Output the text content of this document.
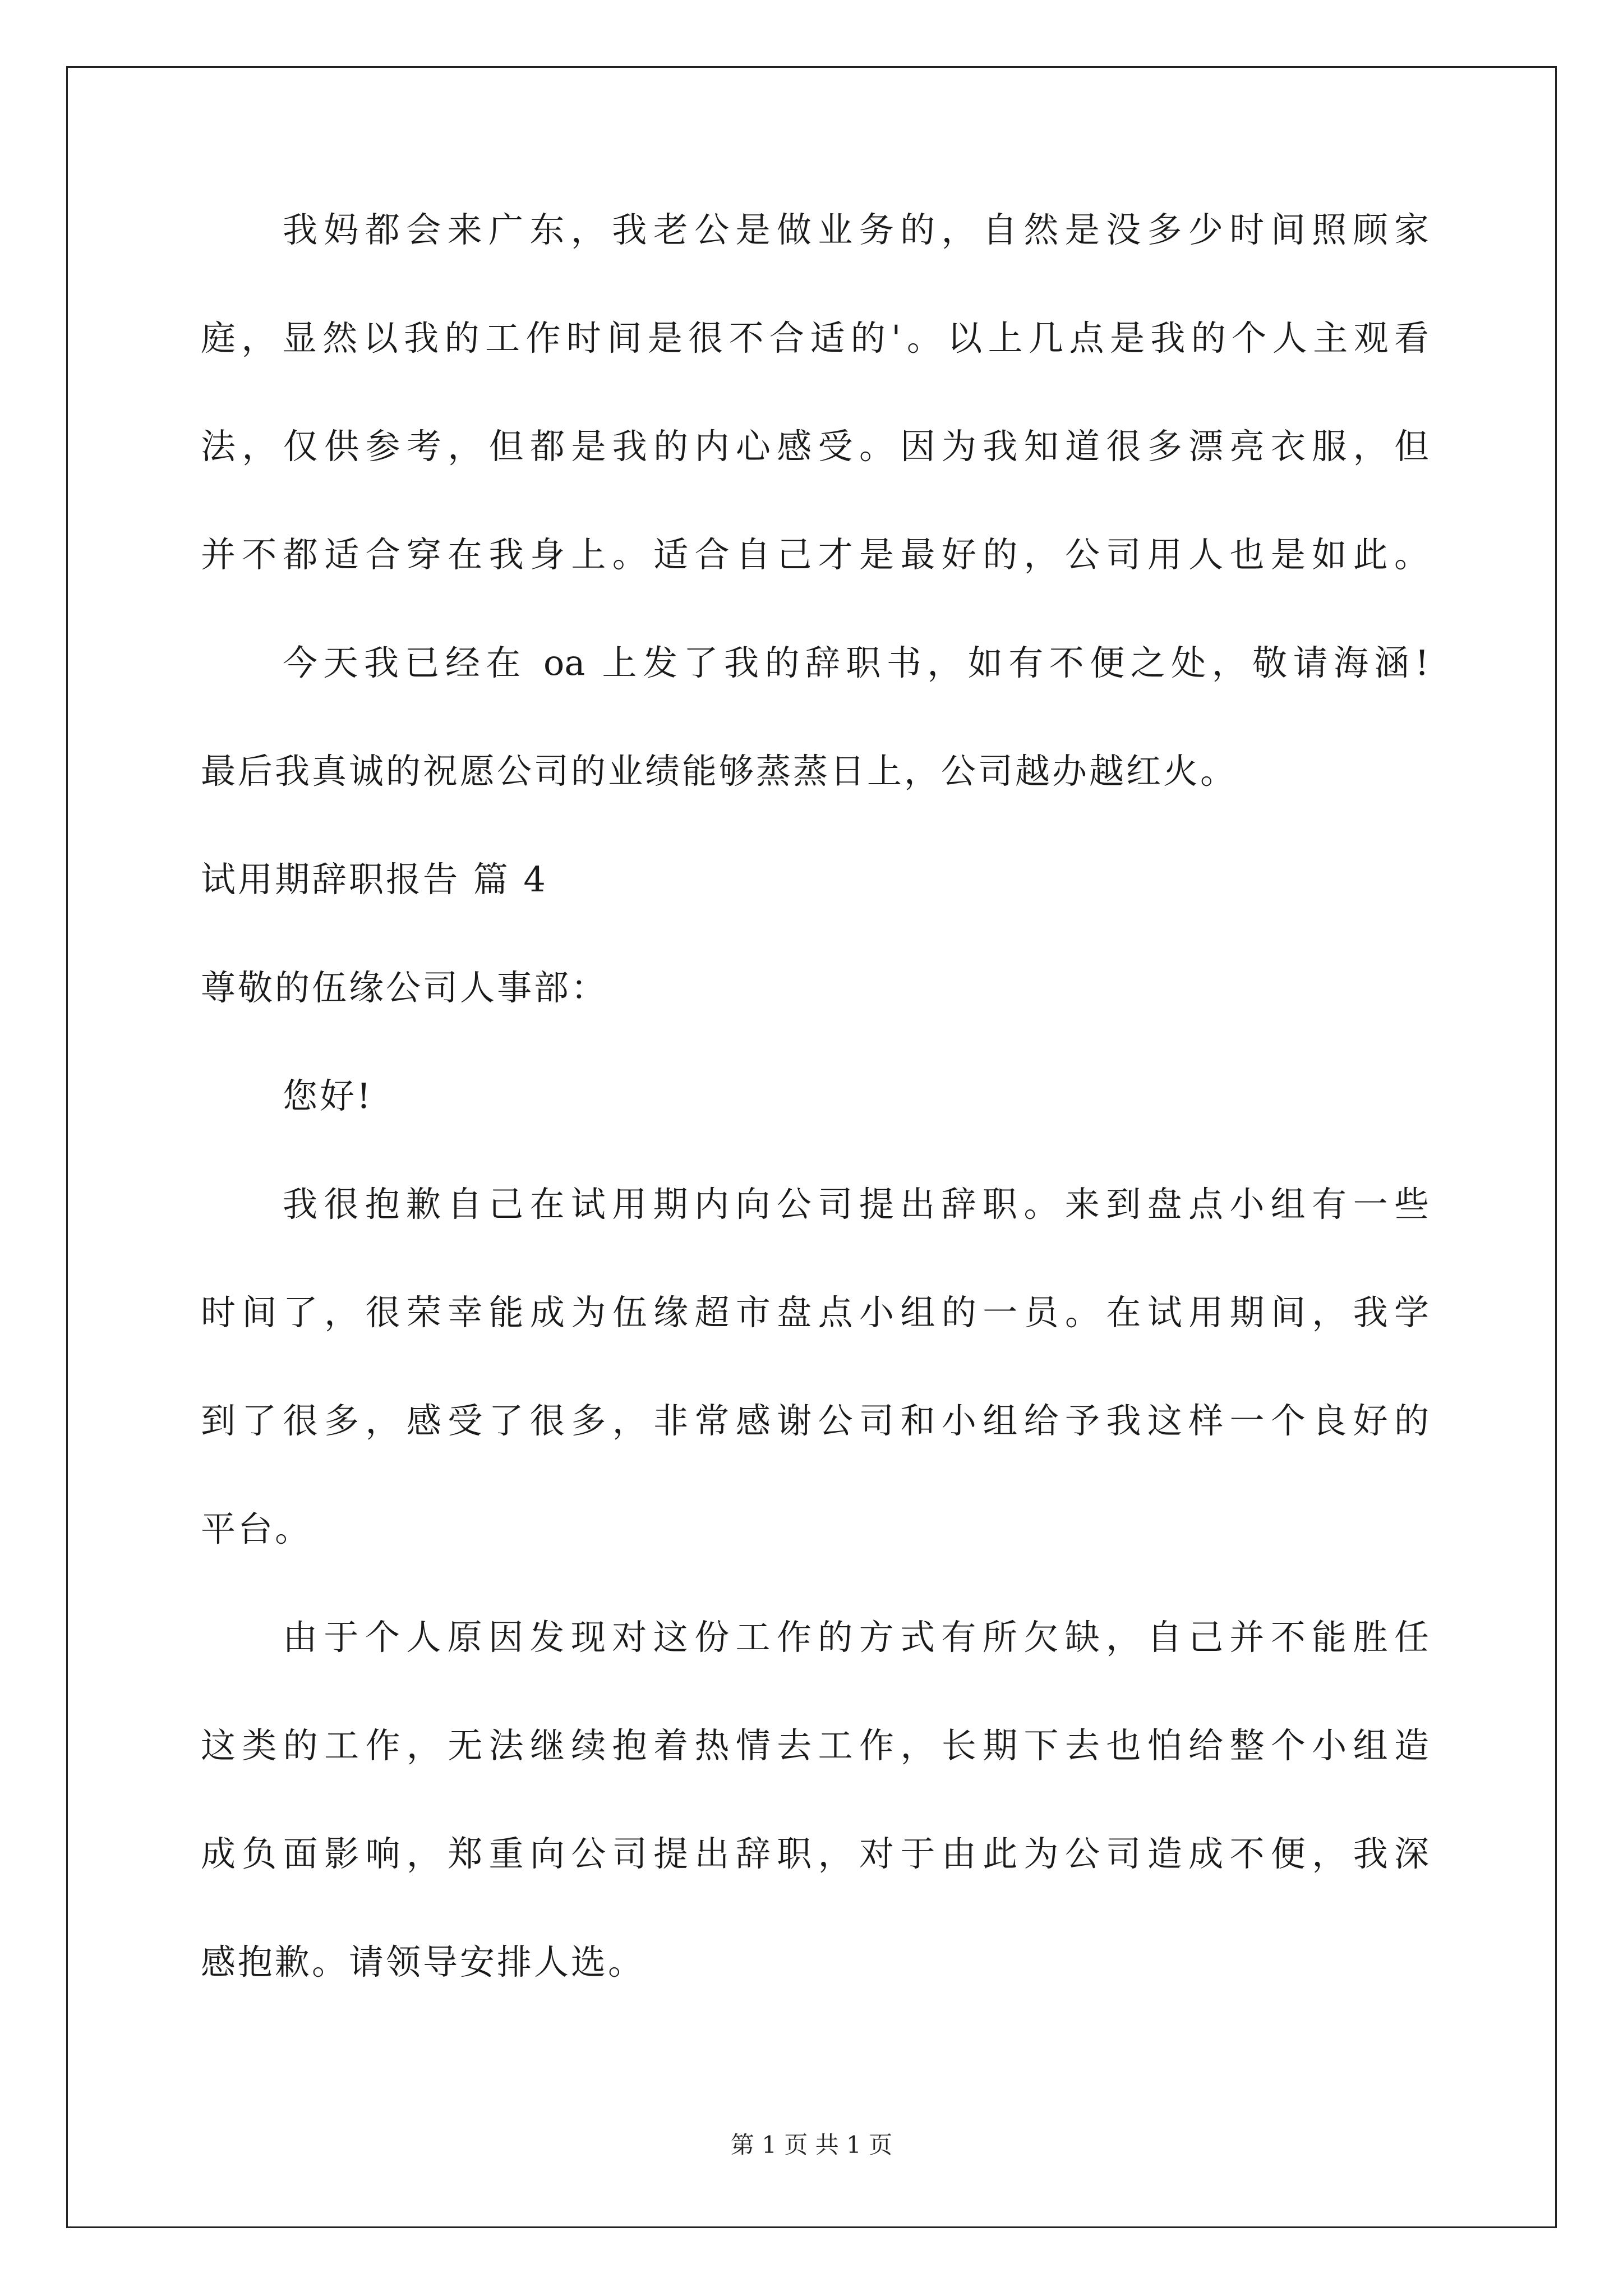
我妈都会来广东，我老公是做业务的，自然是没多少时间照顾家
庭，显然以我的工作时间是很不合适的'。以上几点是我的个人主观看
法，仅供参考，但都是我的内心感受。因为我知道很多漂亮衣服，但
并不都适合穿在我身上。适合自己才是最好的，公司用人也是如此。
今天我已经在 oa 上发了我的辞职书，如有不便之处，敬请海涵!
最后我真诚的祝愿公司的业绩能够蒸蒸日上，公司越办越红火。
试用期辞职报告 篇 4
尊敬的伍缘公司人事部：
您好!
我很抱歉自己在试用期内向公司提出辞职。来到盘点小组有一些
时间了，很荣幸能成为伍缘超市盘点小组的一员。在试用期间，我学
到了很多，感受了很多，非常感谢公司和小组给予我这样一个良好的
平台。
由于个人原因发现对这份工作的方式有所欠缺，自己并不能胜任
这类的工作，无法继续抱着热情去工作，长期下去也怕给整个小组造
成负面影响，郑重向公司提出辞职，对于由此为公司造成不便，我深
感抱歉。请领导安排人选。
第 1 页 共 1 页
